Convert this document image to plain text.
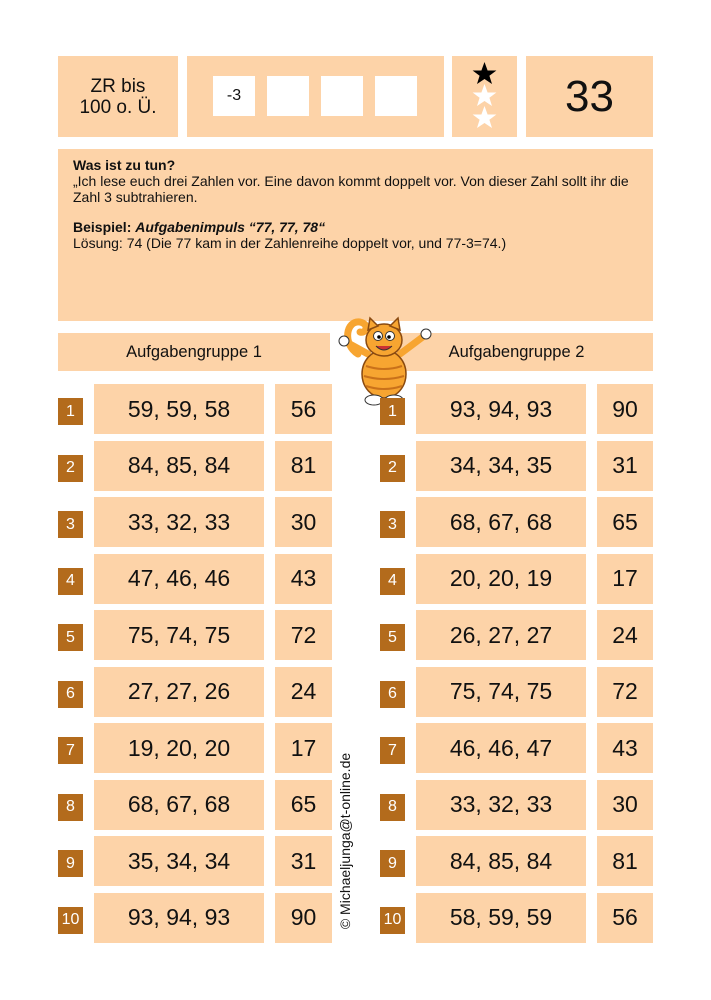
ZR bis
100 o. Ü.
-3	33

Was ist zu tun?

„Ich lese euch drei Zahlen vor. Eine davon kommt doppelt vor. Von dieser Zahl sollt ihr die Zahl 3 subtrahieren.

Beispiel: Aufgabenimpuls “77, 77, 78“

Lösung: 74 (Die 77 kam in der Zahlenreihe doppelt vor, und 77-3=74.)

Aufgabengruppe 1	Aufgabengruppe 2
1	59, 59, 58	56
2	84, 85, 84	81
3	33, 32, 33	30
4	47, 46, 46	43
5	75, 74, 75	72
6	27, 27, 26	24
7	19, 20, 20	17
8	68, 67, 68	65
9	35, 34, 34	31
10	93, 94, 93	90
1	93, 94, 93	90
2	34, 34, 35	31
3	68, 67, 68	65
4	20, 20, 19	17
5	26, 27, 27	24
6	75, 74, 75	72
7	46, 46, 47	43
8	33, 32, 33	30
9	84, 85, 84	81
10	58, 59, 59	56
© Michaeljunga@t-online.de
